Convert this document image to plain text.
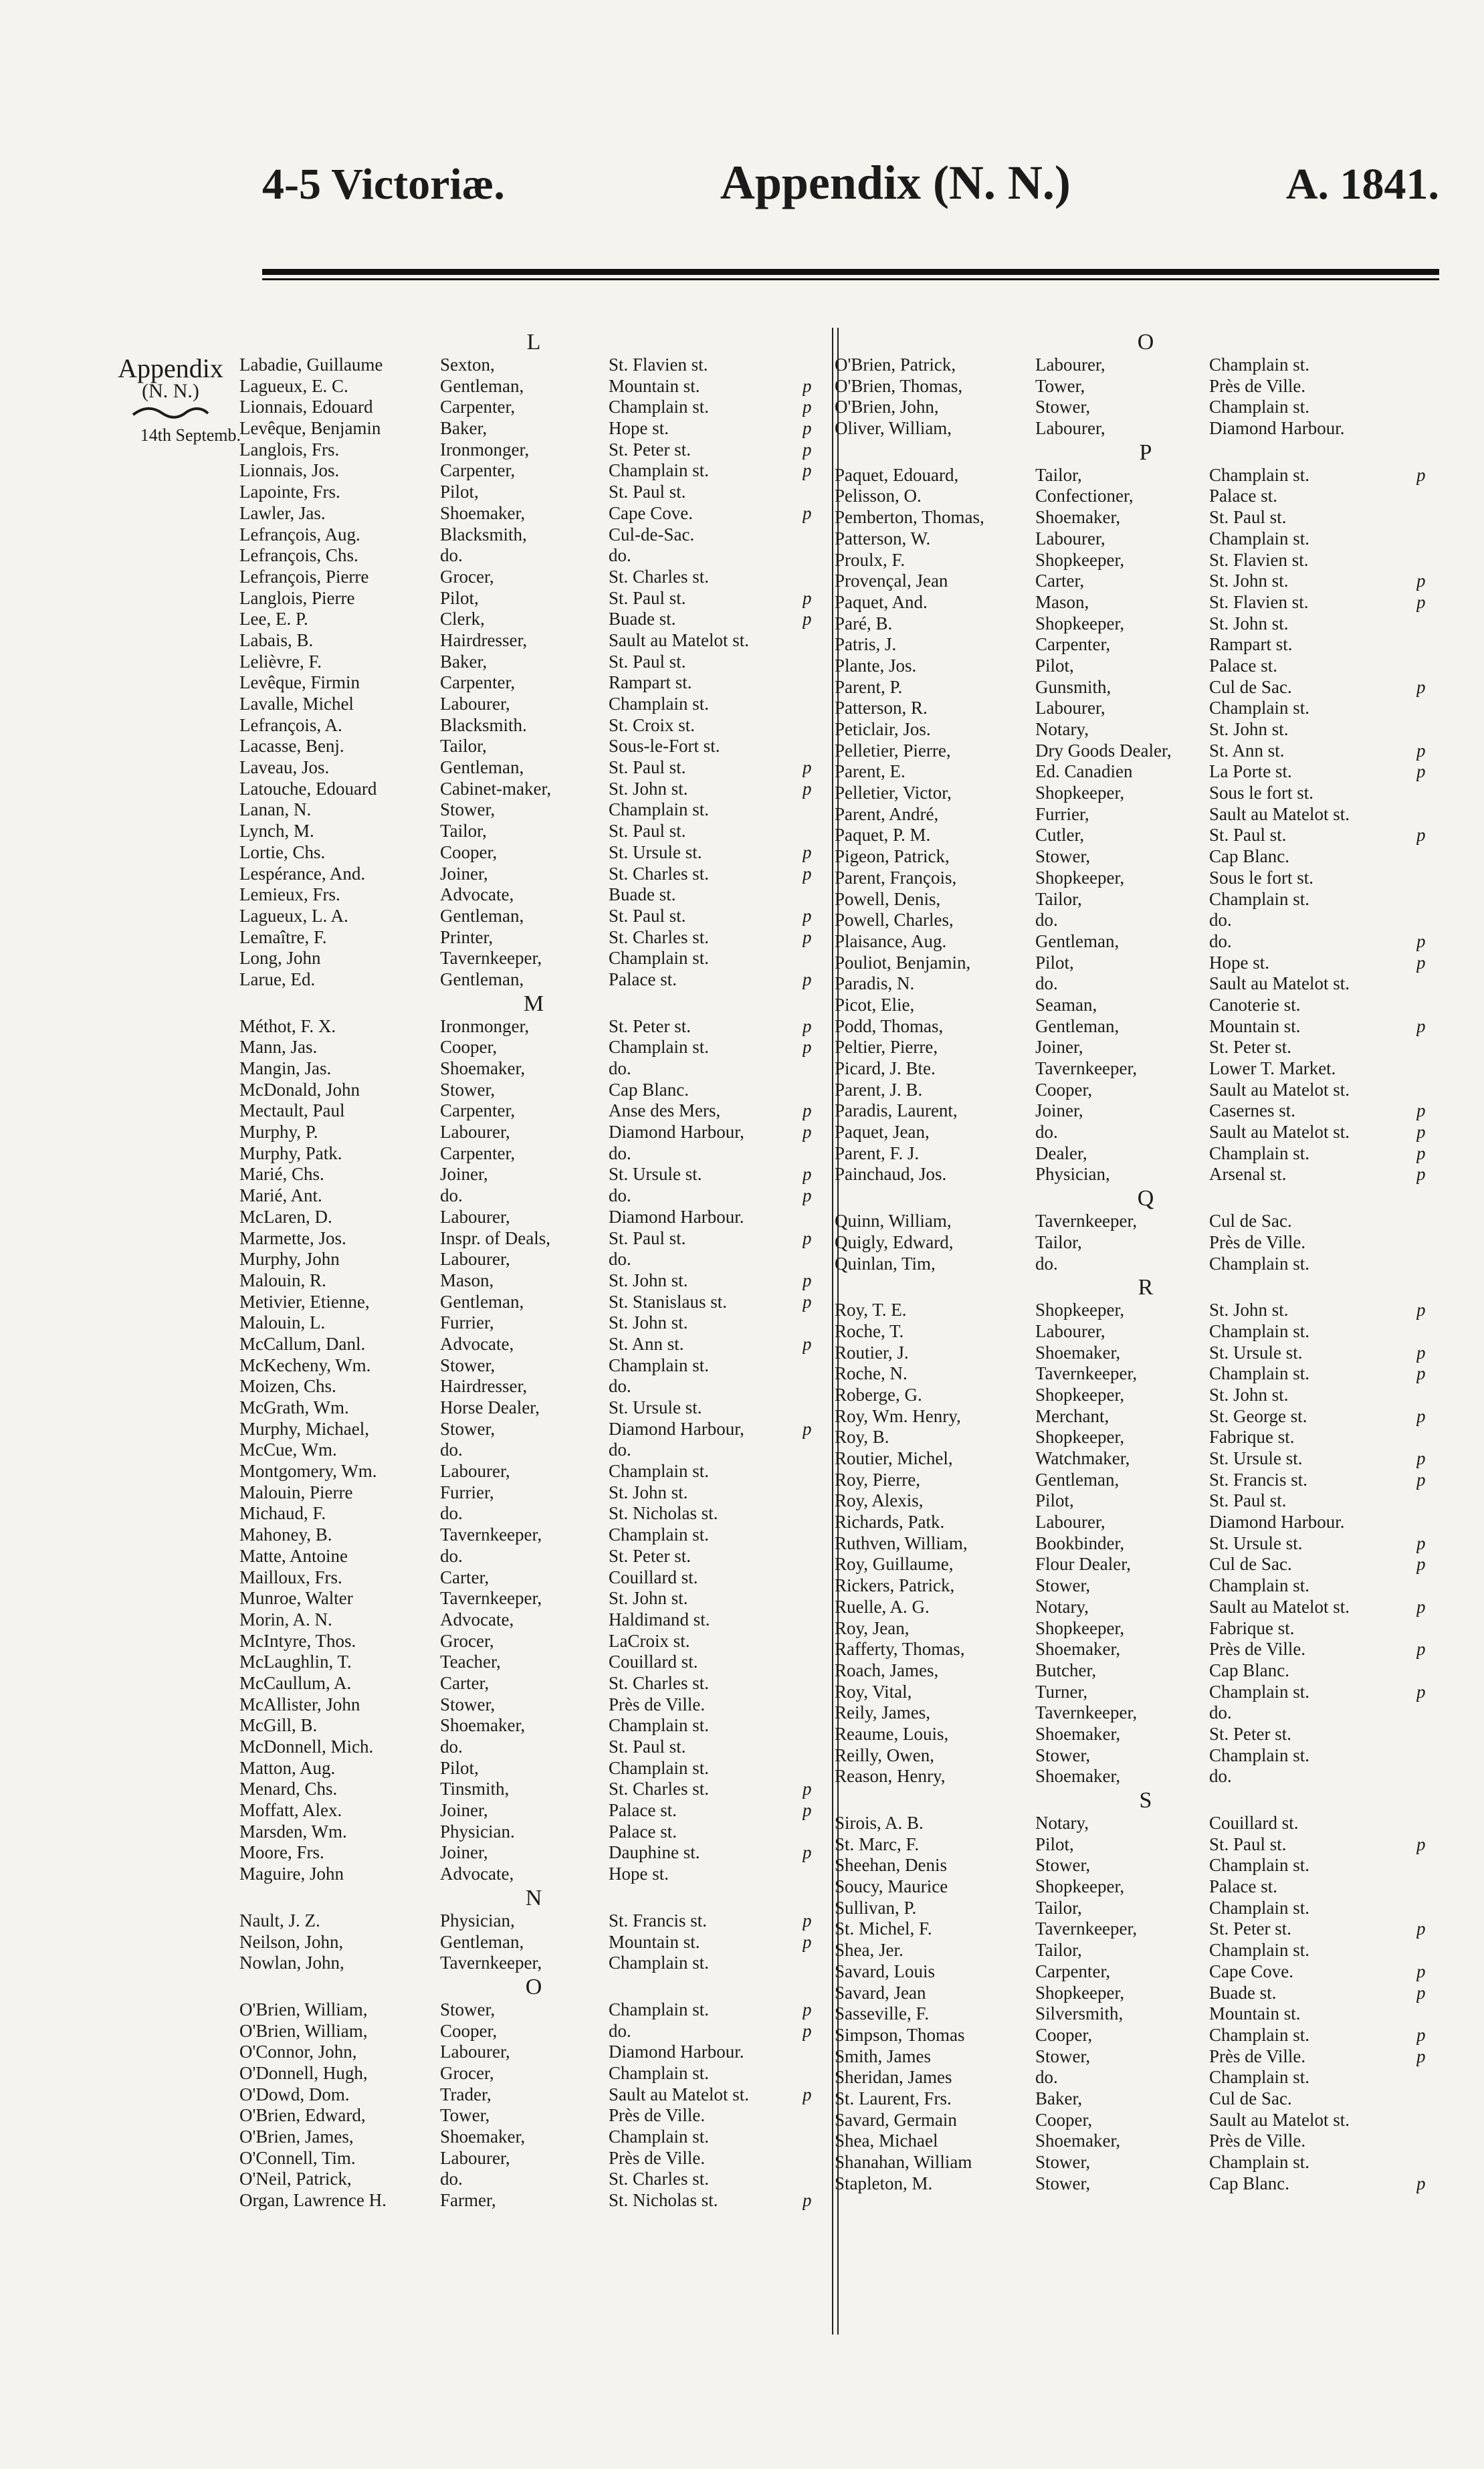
4-5 Victoriæ.	Appendix (N. N.)	A. 1841.
Appendix
(N. N.)
14th Septemb.
L
Labadie, Guillaume	Sexton,	St. Flavien st.
Lagueux, E. C.	Gentleman,	Mountain st.	p
Lionnais, Edouard	Carpenter,	Champlain st.	p
Levêque, Benjamin	Baker,	Hope st.	p
Langlois, Frs.	Ironmonger,	St. Peter st.	p
Lionnais, Jos.	Carpenter,	Champlain st.	p
Lapointe, Frs.	Pilot,	St. Paul st.
Lawler, Jas.	Shoemaker,	Cape Cove.	p
Lefrançois, Aug.	Blacksmith,	Cul-de-Sac.
Lefrançois, Chs.	do.	do.
Lefrançois, Pierre	Grocer,	St. Charles st.
Langlois, Pierre	Pilot,	St. Paul st.	p
Lee, E. P.	Clerk,	Buade st.	p
Labais, B.	Hairdresser,	Sault au Matelot st.
Lelièvre, F.	Baker,	St. Paul st.
Levêque, Firmin	Carpenter,	Rampart st.
Lavalle, Michel	Labourer,	Champlain st.
Lefrançois, A.	Blacksmith.	St. Croix st.
Lacasse, Benj.	Tailor,	Sous-le-Fort st.
Laveau, Jos.	Gentleman,	St. Paul st.	p
Latouche, Edouard	Cabinet-maker,	St. John st.	p
Lanan, N.	Stower,	Champlain st.
Lynch, M.	Tailor,	St. Paul st.
Lortie, Chs.	Cooper,	St. Ursule st.	p
Lespérance, And.	Joiner,	St. Charles st.	p
Lemieux, Frs.	Advocate,	Buade st.
Lagueux, L. A.	Gentleman,	St. Paul st.	p
Lemaître, F.	Printer,	St. Charles st.	p
Long, John	Tavernkeeper,	Champlain st.
Larue, Ed.	Gentleman,	Palace st.	p
M
Méthot, F. X.	Ironmonger,	St. Peter st.	p
Mann, Jas.	Cooper,	Champlain st.	p
Mangin, Jas.	Shoemaker,	do.
McDonald, John	Stower,	Cap Blanc.
Mectault, Paul	Carpenter,	Anse des Mers,	p
Murphy, P.	Labourer,	Diamond Harbour,	p
Murphy, Patk.	Carpenter,	do.
Marié, Chs.	Joiner,	St. Ursule st.	p
Marié, Ant.	do.	do.	p
McLaren, D.	Labourer,	Diamond Harbour.
Marmette, Jos.	Inspr. of Deals,	St. Paul st.	p
Murphy, John	Labourer,	do.
Malouin, R.	Mason,	St. John st.	p
Metivier, Etienne,	Gentleman,	St. Stanislaus st.	p
Malouin, L.	Furrier,	St. John st.
McCallum, Danl.	Advocate,	St. Ann st.	p
McKecheny, Wm.	Stower,	Champlain st.
Moizen, Chs.	Hairdresser,	do.
McGrath, Wm.	Horse Dealer,	St. Ursule st.
Murphy, Michael,	Stower,	Diamond Harbour,	p
McCue, Wm.	do.	do.
Montgomery, Wm.	Labourer,	Champlain st.
Malouin, Pierre	Furrier,	St. John st.
Michaud, F.	do.	St. Nicholas st.
Mahoney, B.	Tavernkeeper,	Champlain st.
Matte, Antoine	do.	St. Peter st.
Mailloux, Frs.	Carter,	Couillard st.
Munroe, Walter	Tavernkeeper,	St. John st.
Morin, A. N.	Advocate,	Haldimand st.
McIntyre, Thos.	Grocer,	LaCroix st.
McLaughlin, T.	Teacher,	Couillard st.
McCaullum, A.	Carter,	St. Charles st.
McAllister, John	Stower,	Près de Ville.
McGill, B.	Shoemaker,	Champlain st.
McDonnell, Mich.	do.	St. Paul st.
Matton, Aug.	Pilot,	Champlain st.
Menard, Chs.	Tinsmith,	St. Charles st.	p
Moffatt, Alex.	Joiner,	Palace st.	p
Marsden, Wm.	Physician.	Palace st.
Moore, Frs.	Joiner,	Dauphine st.	p
Maguire, John	Advocate,	Hope st.
N
Nault, J. Z.	Physician,	St. Francis st.	p
Neilson, John,	Gentleman,	Mountain st.	p
Nowlan, John,	Tavernkeeper,	Champlain st.
O
O'Brien, William,	Stower,	Champlain st.	p
O'Brien, William,	Cooper,	do.	p
O'Connor, John,	Labourer,	Diamond Harbour.
O'Donnell, Hugh,	Grocer,	Champlain st.
O'Dowd, Dom.	Trader,	Sault au Matelot st.	p
O'Brien, Edward,	Tower,	Près de Ville.
O'Brien, James,	Shoemaker,	Champlain st.
O'Connell, Tim.	Labourer,	Près de Ville.
O'Neil, Patrick,	do.	St. Charles st.
Organ, Lawrence H.	Farmer,	St. Nicholas st.	p
O
O'Brien, Patrick,	Labourer,	Champlain st.
O'Brien, Thomas,	Tower,	Près de Ville.
O'Brien, John,	Stower,	Champlain st.
Oliver, William,	Labourer,	Diamond Harbour.
P
Paquet, Edouard,	Tailor,	Champlain st.	p
Pelisson, O.	Confectioner,	Palace st.
Pemberton, Thomas,	Shoemaker,	St. Paul st.
Patterson, W.	Labourer,	Champlain st.
Proulx, F.	Shopkeeper,	St. Flavien st.
Provençal, Jean	Carter,	St. John st.	p
Paquet, And.	Mason,	St. Flavien st.	p
Paré, B.	Shopkeeper,	St. John st.
Patris, J.	Carpenter,	Rampart st.
Plante, Jos.	Pilot,	Palace st.
Parent, P.	Gunsmith,	Cul de Sac.	p
Patterson, R.	Labourer,	Champlain st.
Peticlair, Jos.	Notary,	St. John st.
Pelletier, Pierre,	Dry Goods Dealer,	St. Ann st.	p
Parent, E.	Ed. Canadien	La Porte st.	p
Pelletier, Victor,	Shopkeeper,	Sous le fort st.
Parent, André,	Furrier,	Sault au Matelot st.
Paquet, P. M.	Cutler,	St. Paul st.	p
Pigeon, Patrick,	Stower,	Cap Blanc.
Parent, François,	Shopkeeper,	Sous le fort st.
Powell, Denis,	Tailor,	Champlain st.
Powell, Charles,	do.	do.
Plaisance, Aug.	Gentleman,	do.	p
Pouliot, Benjamin,	Pilot,	Hope st.	p
Paradis, N.	do.	Sault au Matelot st.
Picot, Elie,	Seaman,	Canoterie st.
Podd, Thomas,	Gentleman,	Mountain st.	p
Peltier, Pierre,	Joiner,	St. Peter st.
Picard, J. Bte.	Tavernkeeper,	Lower T. Market.
Parent, J. B.	Cooper,	Sault au Matelot st.
Paradis, Laurent,	Joiner,	Casernes st.	p
Paquet, Jean,	do.	Sault au Matelot st.	p
Parent, F. J.	Dealer,	Champlain st.	p
Painchaud, Jos.	Physician,	Arsenal st.	p
Q
Quinn, William,	Tavernkeeper,	Cul de Sac.
Quigly, Edward,	Tailor,	Près de Ville.
Quinlan, Tim,	do.	Champlain st.
R
Roy, T. E.	Shopkeeper,	St. John st.	p
Roche, T.	Labourer,	Champlain st.
Routier, J.	Shoemaker,	St. Ursule st.	p
Roche, N.	Tavernkeeper,	Champlain st.	p
Roberge, G.	Shopkeeper,	St. John st.
Roy, Wm. Henry,	Merchant,	St. George st.	p
Roy, B.	Shopkeeper,	Fabrique st.
Routier, Michel,	Watchmaker,	St. Ursule st.	p
Roy, Pierre,	Gentleman,	St. Francis st.	p
Roy, Alexis,	Pilot,	St. Paul st.
Richards, Patk.	Labourer,	Diamond Harbour.
Ruthven, William,	Bookbinder,	St. Ursule st.	p
Roy, Guillaume,	Flour Dealer,	Cul de Sac.	p
Rickers, Patrick,	Stower,	Champlain st.
Ruelle, A. G.	Notary,	Sault au Matelot st.	p
Roy, Jean,	Shopkeeper,	Fabrique st.
Rafferty, Thomas,	Shoemaker,	Près de Ville.	p
Roach, James,	Butcher,	Cap Blanc.
Roy, Vital,	Turner,	Champlain st.	p
Reily, James,	Tavernkeeper,	do.
Reaume, Louis,	Shoemaker,	St. Peter st.
Reilly, Owen,	Stower,	Champlain st.
Reason, Henry,	Shoemaker,	do.
S
Sirois, A. B.	Notary,	Couillard st.
St. Marc, F.	Pilot,	St. Paul st.	p
Sheehan, Denis	Stower,	Champlain st.
Soucy, Maurice	Shopkeeper,	Palace st.
Sullivan, P.	Tailor,	Champlain st.
St. Michel, F.	Tavernkeeper,	St. Peter st.	p
Shea, Jer.	Tailor,	Champlain st.
Savard, Louis	Carpenter,	Cape Cove.	p
Savard, Jean	Shopkeeper,	Buade st.	p
Sasseville, F.	Silversmith,	Mountain st.
Simpson, Thomas	Cooper,	Champlain st.	p
Smith, James	Stower,	Près de Ville.	p
Sheridan, James	do.	Champlain st.
St. Laurent, Frs.	Baker,	Cul de Sac.
Savard, Germain	Cooper,	Sault au Matelot st.
Shea, Michael	Shoemaker,	Près de Ville.
Shanahan, William	Stower,	Champlain st.
Stapleton, M.	Stower,	Cap Blanc.	p
